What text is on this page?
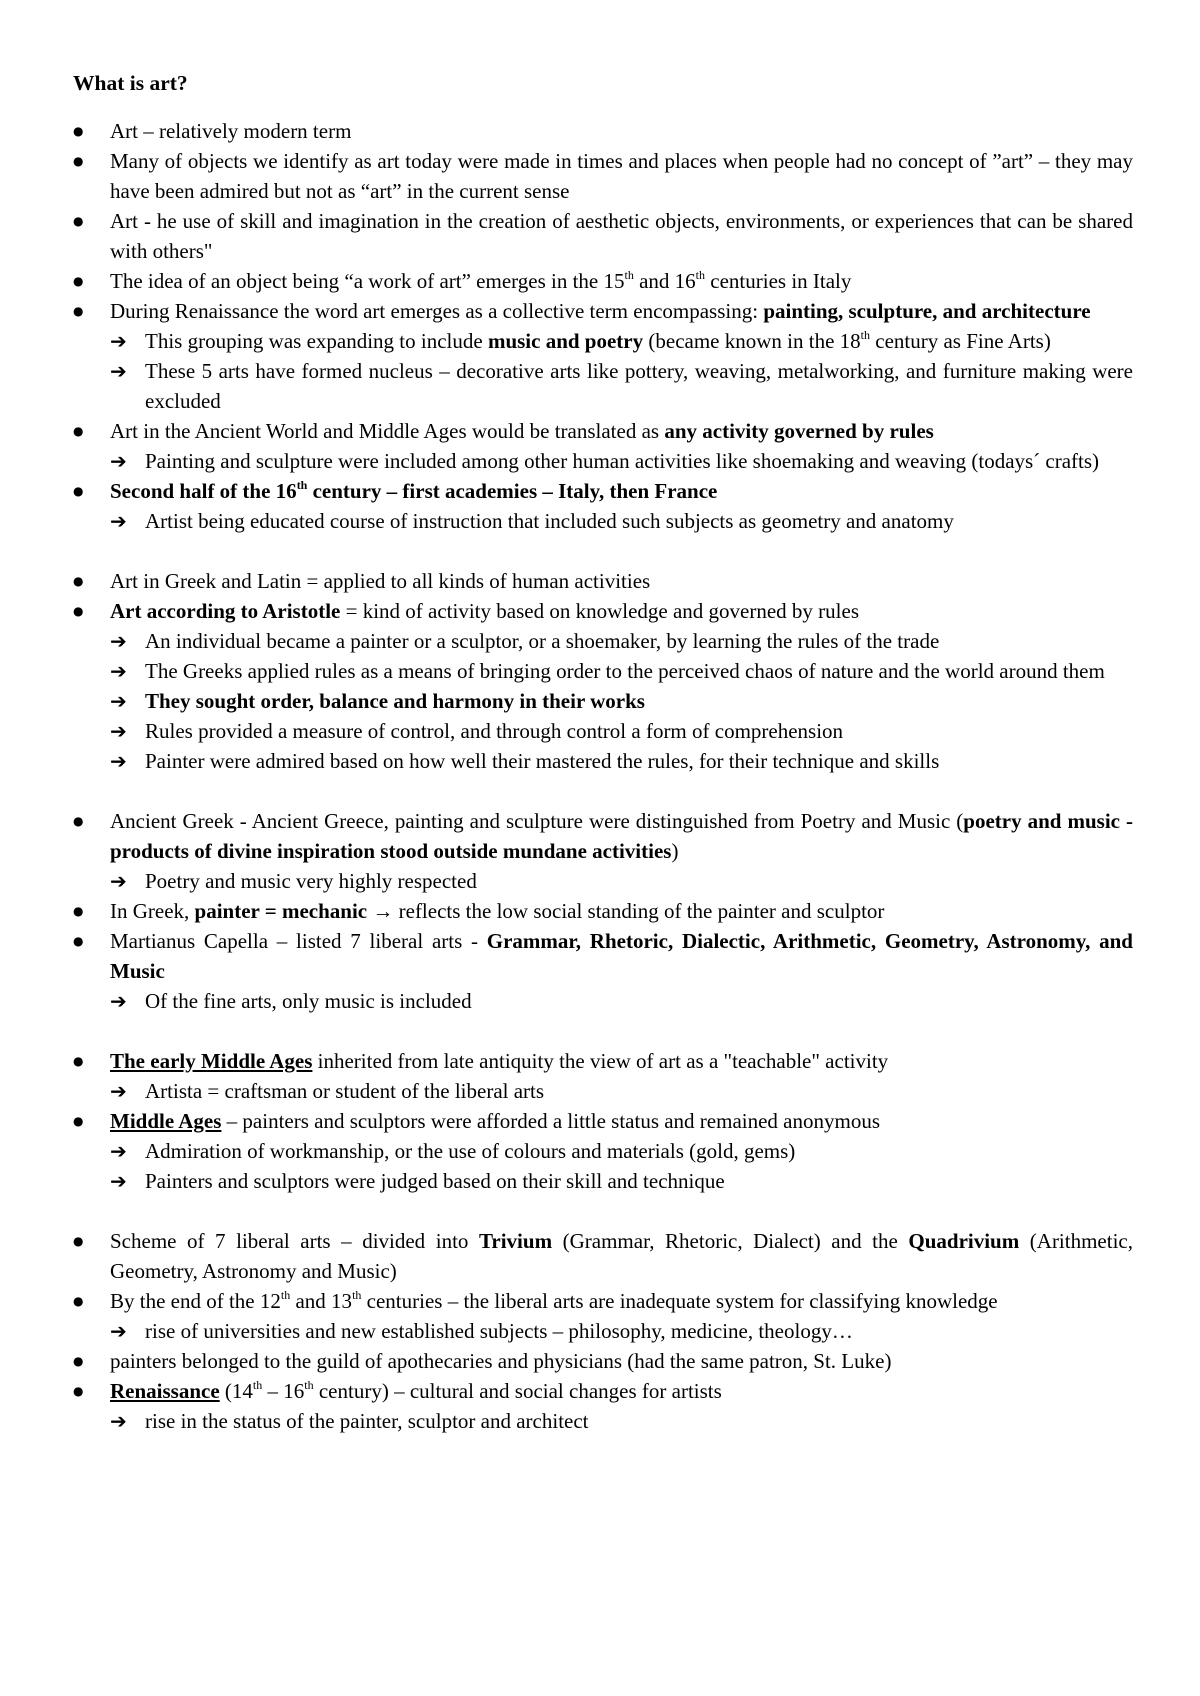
What is art?
● Art – relatively modern term
● Many of objects we identify as art today were made in times and places when people had no concept of ”art” – they may have been admired but not as “art” in the current sense
● Art - he use of skill and imagination in the creation of aesthetic objects, environments, or experiences that can be shared with others"
● The idea of an object being “a work of art” emerges in the 15th and 16th centuries in Italy
● During Renaissance the word art emerges as a collective term encompassing: painting, sculpture, and architecture
➔ This grouping was expanding to include music and poetry (became known in the 18th century as Fine Arts)
➔ These 5 arts have formed nucleus – decorative arts like pottery, weaving, metalworking, and furniture making were excluded
● Art in the Ancient World and Middle Ages would be translated as any activity governed by rules
➔ Painting and sculpture were included among other human activities like shoemaking and weaving (todays´ crafts)
● Second half of the 16th century – first academies – Italy, then France
➔ Artist being educated course of instruction that included such subjects as geometry and anatomy
● Art in Greek and Latin = applied to all kinds of human activities
● Art according to Aristotle = kind of activity based on knowledge and governed by rules
➔ An individual became a painter or a sculptor, or a shoemaker, by learning the rules of the trade
➔ The Greeks applied rules as a means of bringing order to the perceived chaos of nature and the world around them
➔ They sought order, balance and harmony in their works
➔ Rules provided a measure of control, and through control a form of comprehension
➔ Painter were admired based on how well their mastered the rules, for their technique and skills
● Ancient Greek - Ancient Greece, painting and sculpture were distinguished from Poetry and Music (poetry and music - products of divine inspiration stood outside mundane activities)
➔ Poetry and music very highly respected
● In Greek, painter = mechanic → reflects the low social standing of the painter and sculptor
● Martianus Capella – listed 7 liberal arts - Grammar, Rhetoric, Dialectic, Arithmetic, Geometry, Astronomy, and Music
➔ Of the fine arts, only music is included
● The early Middle Ages inherited from late antiquity the view of art as a "teachable" activity
➔ Artista = craftsman or student of the liberal arts
● Middle Ages – painters and sculptors were afforded a little status and remained anonymous
➔ Admiration of workmanship, or the use of colours and materials (gold, gems)
➔ Painters and sculptors were judged based on their skill and technique
● Scheme of 7 liberal arts – divided into Trivium (Grammar, Rhetoric, Dialect) and the Quadrivium (Arithmetic, Geometry, Astronomy and Music)
● By the end of the 12th and 13th centuries – the liberal arts are inadequate system for classifying knowledge
➔ rise of universities and new established subjects – philosophy, medicine, theology…
● painters belonged to the guild of apothecaries and physicians (had the same patron, St. Luke)
● Renaissance (14th – 16th century) – cultural and social changes for artists
➔ rise in the status of the painter, sculptor and architect
